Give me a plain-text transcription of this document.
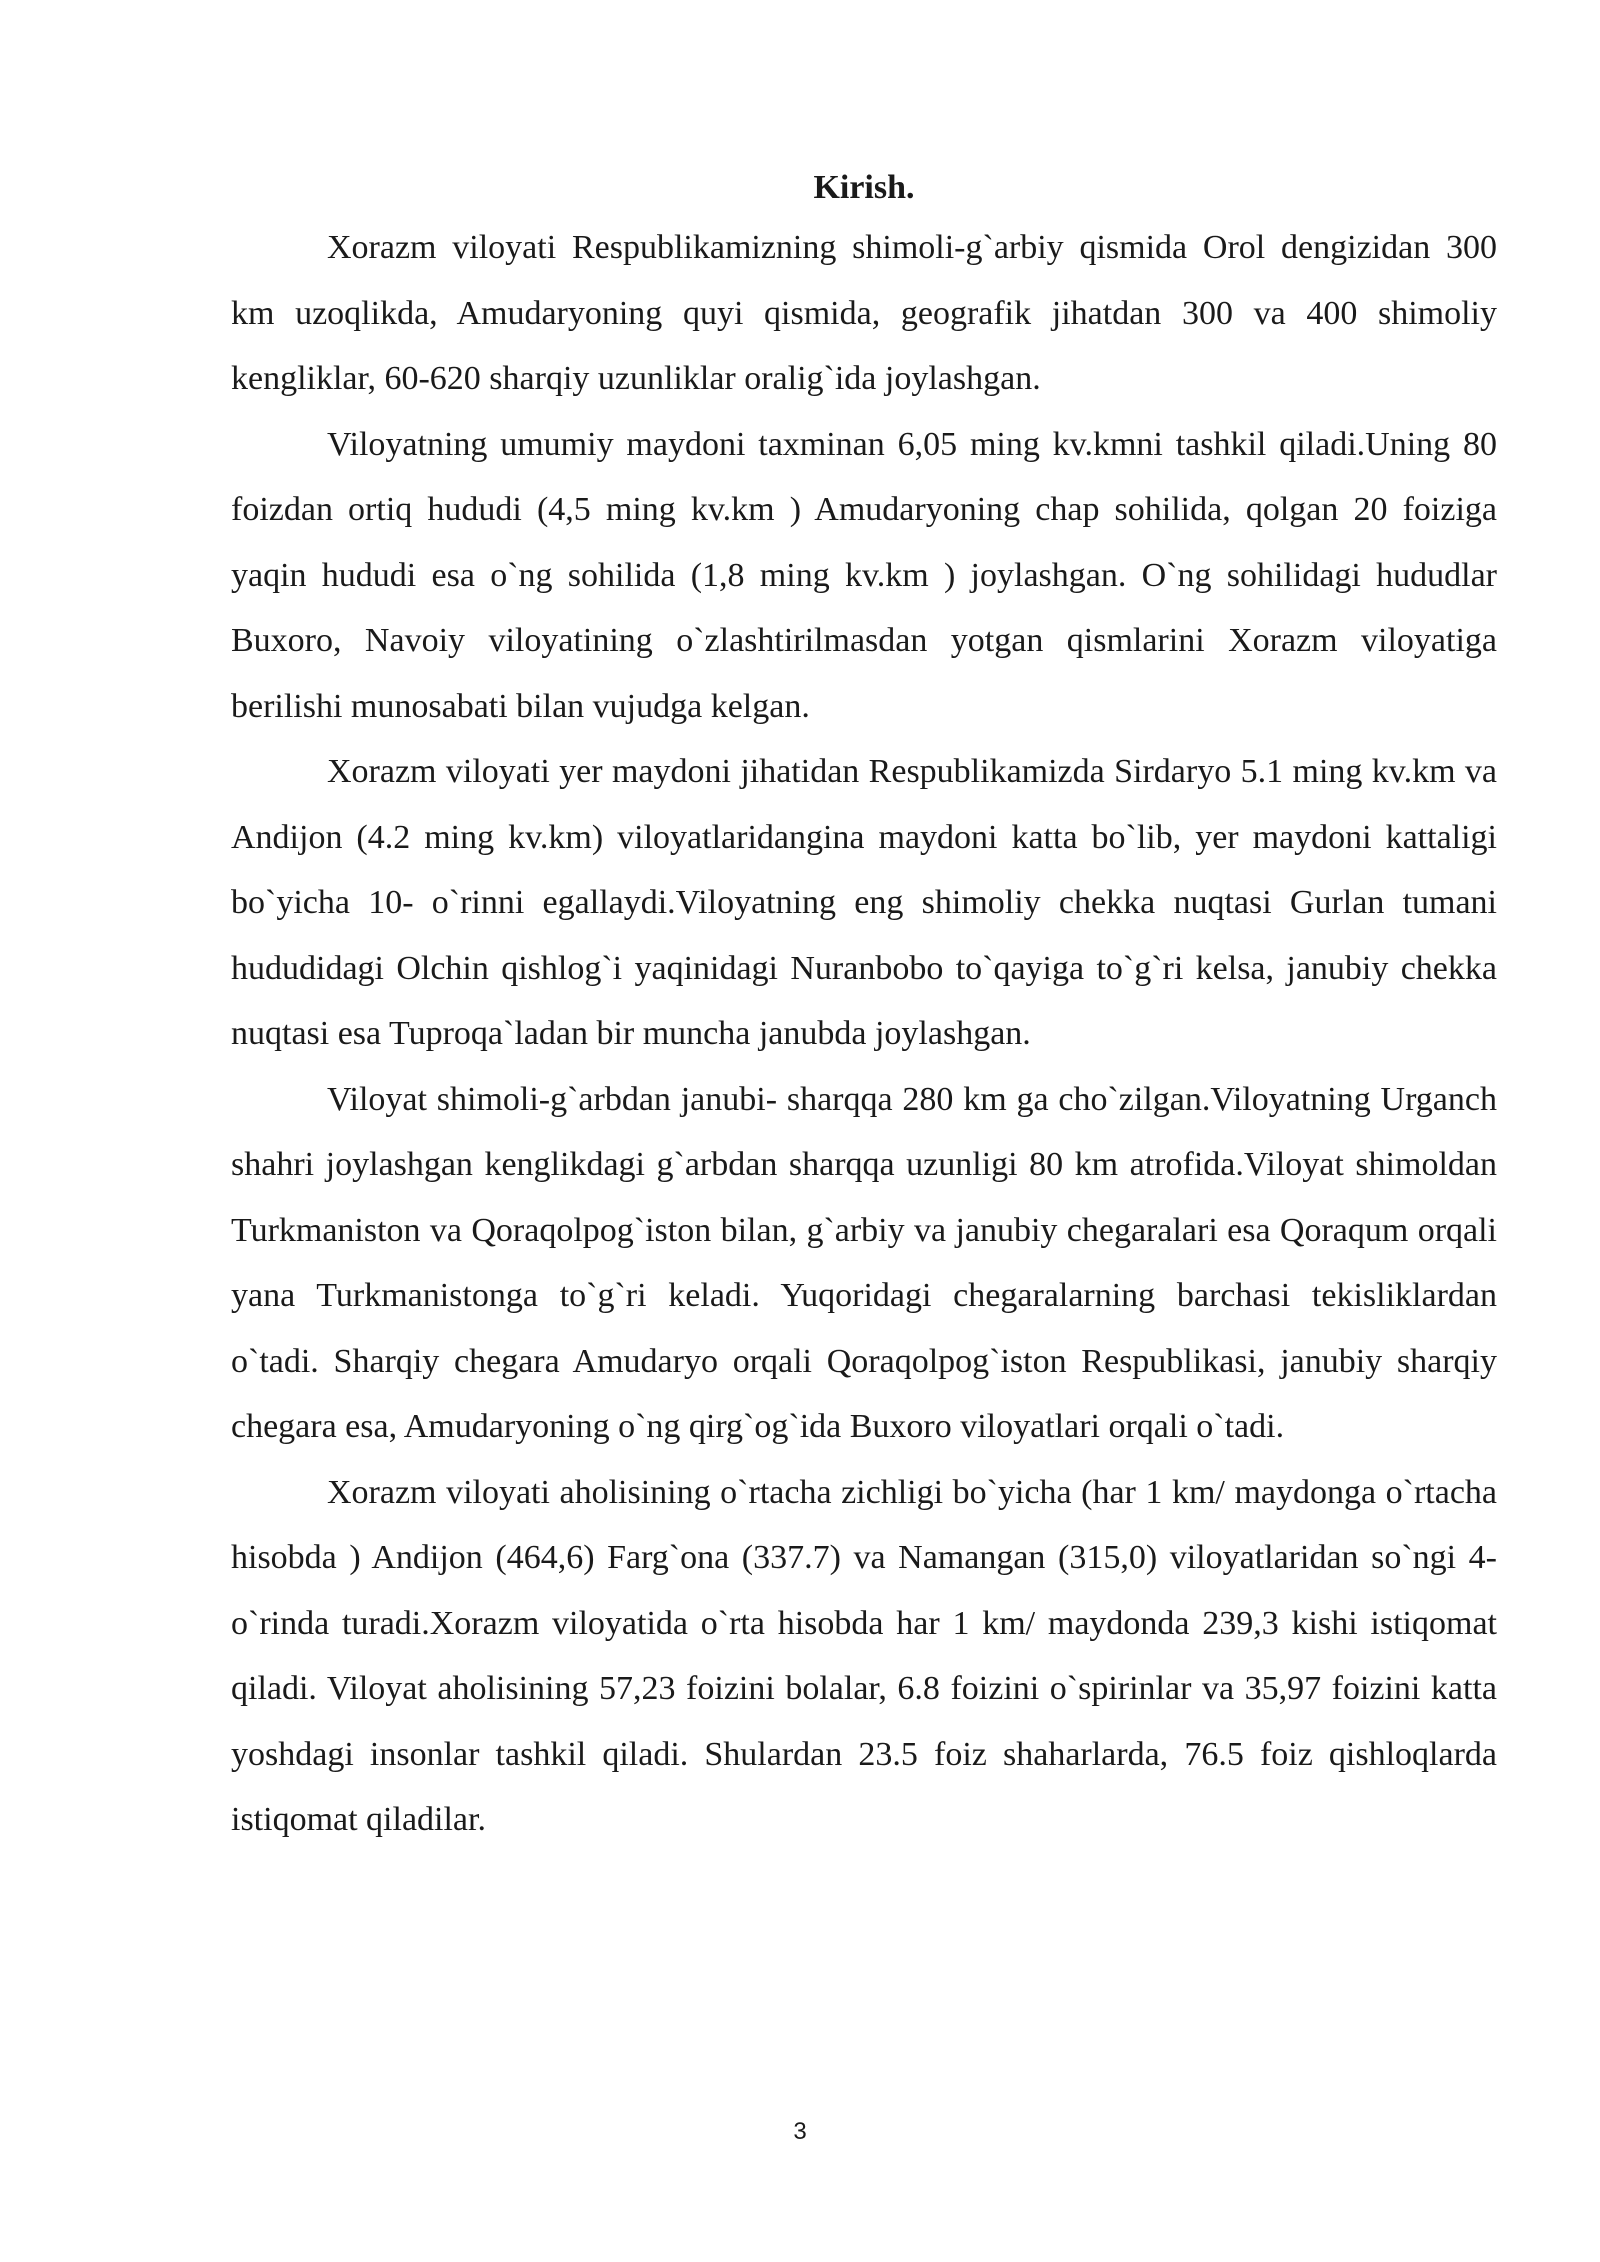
Kirish.

Xorazm viloyati Respublikamizning shimoli-g`arbiy qismida Orol dengizidan 300 km uzoqlikda, Amudaryoning quyi qismida, geografik jihatdan 300 va 400 shimoliy kengliklar, 60-620 sharqiy uzunliklar oralig`ida joylashgan.

Viloyatning umumiy maydoni taxminan 6,05 ming kv.kmni tashkil qiladi.Uning 80 foizdan ortiq hududi (4,5 ming kv.km ) Amudaryoning chap sohilida, qolgan 20 foiziga yaqin hududi esa o`ng sohilida (1,8 ming kv.km ) joylashgan. O`ng sohilidagi hududlar Buxoro, Navoiy viloyatining o`zlashtirilmasdan yotgan qismlarini Xorazm viloyatiga berilishi munosabati bilan vujudga kelgan.

Xorazm viloyati yer maydoni jihatidan Respublikamizda Sirdaryo 5.1 ming kv.km va Andijon (4.2 ming kv.km) viloyatlaridangina maydoni katta bo`lib, yer maydoni kattaligi bo`yicha 10- o`rinni egallaydi.Viloyatning eng shimoliy chekka nuqtasi Gurlan tumani hududidagi Olchin qishlog`i yaqinidagi Nuranbobo to`qayiga to`g`ri kelsa, janubiy chekka nuqtasi esa Tuproqa`ladan bir muncha janubda joylashgan.

Viloyat shimoli-g`arbdan janubi- sharqqa 280 km ga cho`zilgan.Viloyatning Urganch shahri joylashgan kenglikdagi g`arbdan sharqqa uzunligi 80 km atrofida.Viloyat shimoldan Turkmaniston va Qoraqolpog`iston bilan, g`arbiy va janubiy chegaralari esa Qoraqum orqali yana Turkmanistonga to`g`ri keladi. Yuqoridagi chegaralarning barchasi tekisliklardan o`tadi. Sharqiy chegara Amudaryo orqali Qoraqolpog`iston Respublikasi, janubiy sharqiy chegara esa, Amudaryoning o`ng qirg`og`ida Buxoro viloyatlari orqali o`tadi.

Xorazm viloyati aholisining o`rtacha zichligi bo`yicha (har 1 km/ maydonga o`rtacha hisobda ) Andijon (464,6) Farg`ona (337.7) va Namangan (315,0) viloyatlaridan so`ngi 4-o`rinda turadi.Xorazm viloyatida o`rta hisobda har 1 km/ maydonda 239,3 kishi istiqomat qiladi. Viloyat aholisining 57,23 foizini bolalar, 6.8 foizini o`spirinlar va 35,97 foizini katta yoshdagi insonlar tashkil qiladi. Shulardan 23.5 foiz shaharlarda, 76.5 foiz qishloqlarda istiqomat qiladilar.

3
